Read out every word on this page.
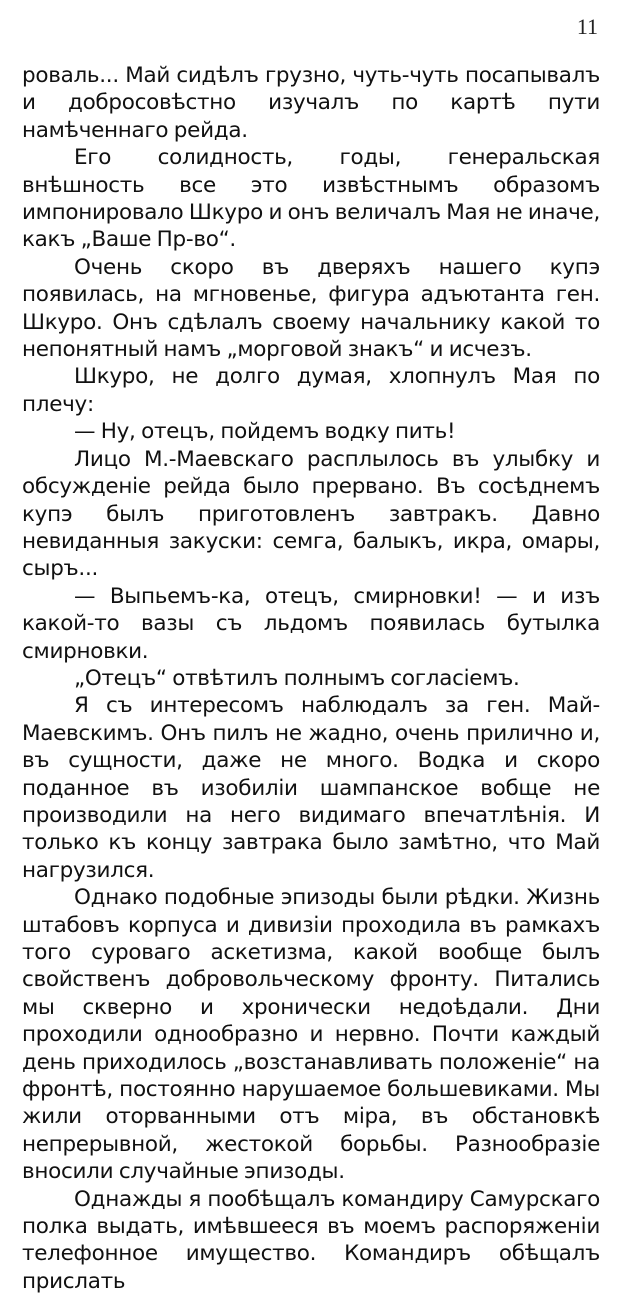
11

роваль... Май сидѣлъ грузно, чуть-чуть посапывалъ и добросовѣстно изучалъ по картѣ пути намѣченнаго рейда.

Его солидность, годы, генеральская внѣшность все это извѣстнымъ образомъ импонировало Шкуро и онъ величалъ Мая не иначе, какъ „Ваше Пр-во“.

Очень скоро въ дверяхъ нашего купэ появилась, на мгновенье, фигура адъютанта ген. Шкуро. Онъ сдѣлалъ своему начальнику какой то непонятный намъ „морговой знакъ“ и исчезъ.

Шкуро, не долго думая, хлопнулъ Мая по плечу:

— Ну, отецъ, пойдемъ водку пить!

Лицо М.-Маевскаго расплылось въ улыбку и обсужденіе рейда было прервано. Въ сосѣднемъ купэ былъ приготовленъ завтракъ. Давно невиданныя закуски: семга, балыкъ, икра, омары, сыръ...

— Выпьемъ-ка, отецъ, смирновки! — и изъ какой-то вазы съ льдомъ появилась бутылка смирновки.

„Отецъ“ отвѣтилъ полнымъ согласіемъ.

Я съ интересомъ наблюдалъ за ген. Май-Маевскимъ. Онъ пилъ не жадно, очень прилично и, въ сущности, даже не много. Водка и скоро поданное въ изобиліи шампанское вобще не производили на него видимаго впечатлѣнія. И только къ концу завтрака было замѣтно, что Май нагрузился.

Однако подобные эпизоды были рѣдки. Жизнь штабовъ корпуса и дивизіи проходила въ рамкахъ того суроваго аскетизма, какой вообще былъ свойственъ добровольческому фронту. Питались мы скверно и хронически недоѣдали. Дни проходили однообразно и нервно. Почти каждый день приходилось „возстанавливать положеніе“ на фронтѣ, постоянно нарушаемое большевиками. Мы жили оторванными отъ міра, въ обстановкѣ непрерывной, жестокой борьбы. Разнообразіе вносили случайные эпизоды.

Однажды я пообѣщалъ командиру Самурскаго полка выдать, имѣвшееся въ моемъ распоряженіи телефонное имущество. Командиръ обѣщалъ прислать
